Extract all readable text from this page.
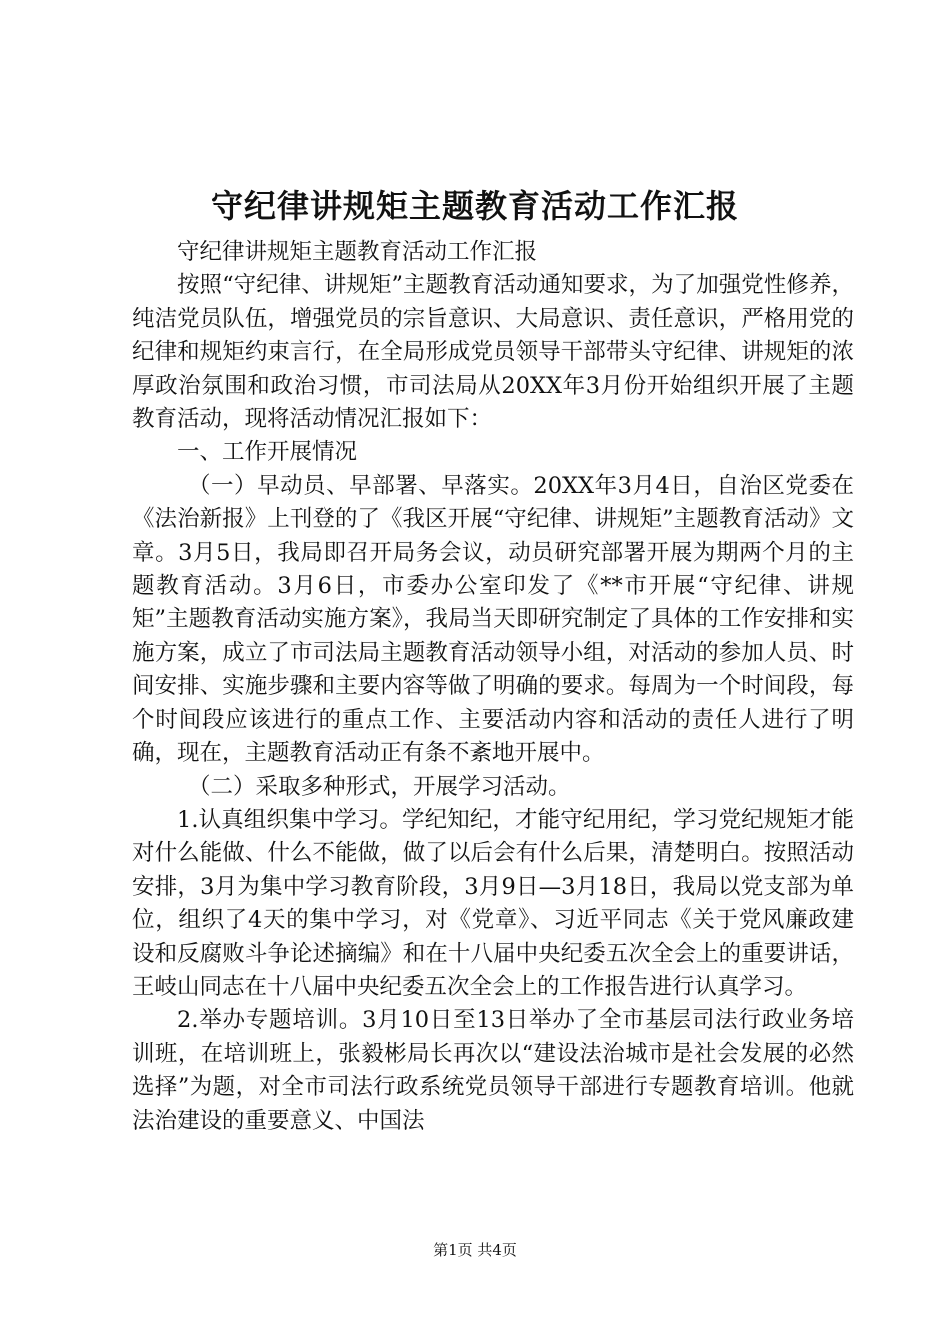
守纪律讲规矩主题教育活动工作汇报

守纪律讲规矩主题教育活动工作汇报

按照“守纪律、讲规矩”主题教育活动通知要求，为了加强党性修养，纯洁党员队伍，增强党员的宗旨意识、大局意识、责任意识，严格用党的纪律和规矩约束言行，在全局形成党员领导干部带头守纪律、讲规矩的浓厚政治氛围和政治习惯，市司法局从20XX年3月份开始组织开展了主题教育活动，现将活动情况汇报如下：

一、工作开展情况

（一）早动员、早部署、早落实。20XX年3月4日，自治区党委在《法治新报》上刊登的了《我区开展“守纪律、讲规矩”主题教育活动》文章。3月5日，我局即召开局务会议，动员研究部署开展为期两个月的主题教育活动。3月6日，市委办公室印发了《**市开展“守纪律、讲规矩”主题教育活动实施方案》，我局当天即研究制定了具体的工作安排和实施方案，成立了市司法局主题教育活动领导小组，对活动的参加人员、时间安排、实施步骤和主要内容等做了明确的要求。每周为一个时间段，每个时间段应该进行的重点工作、主要活动内容和活动的责任人进行了明确，现在，主题教育活动正有条不紊地开展中。

（二）采取多种形式，开展学习活动。

1.认真组织集中学习。学纪知纪，才能守纪用纪，学习党纪规矩才能对什么能做、什么不能做，做了以后会有什么后果，清楚明白。按照活动安排，3月为集中学习教育阶段，3月9日—3月18日，我局以党支部为单位，组织了4天的集中学习，对《党章》、习近平同志《关于党风廉政建设和反腐败斗争论述摘编》和在十八届中央纪委五次全会上的重要讲话，王岐山同志在十八届中央纪委五次全会上的工作报告进行认真学习。

2.举办专题培训。3月10日至13日举办了全市基层司法行政业务培训班，在培训班上，张毅彬局长再次以“建设法治城市是社会发展的必然选择”为题，对全市司法行政系统党员领导干部进行专题教育培训。他就法治建设的重要意义、中国法

第1页 共4页
